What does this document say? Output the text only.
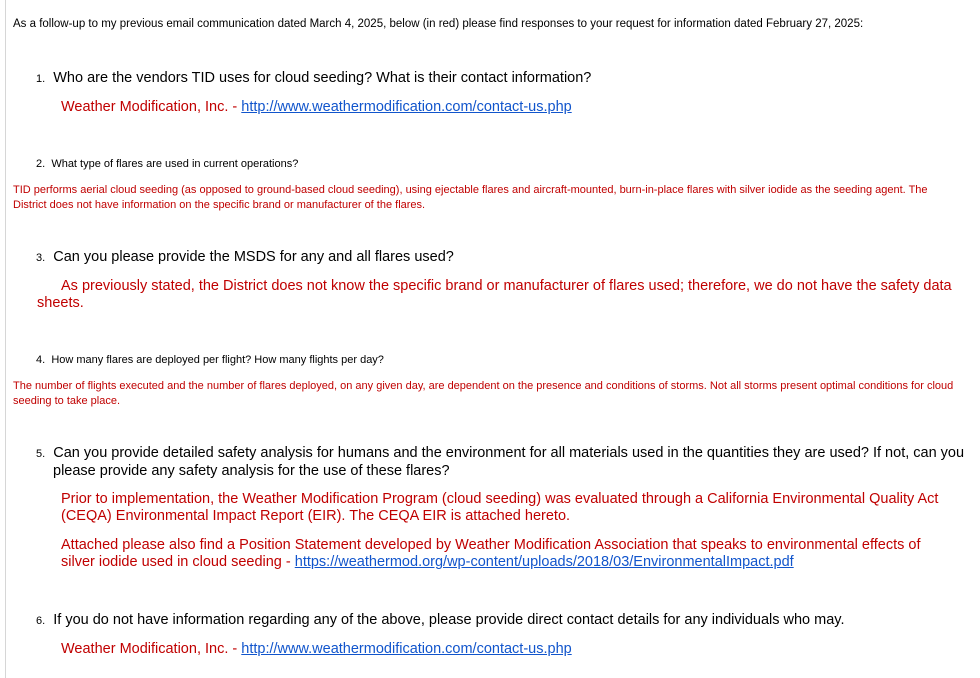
As a follow-up to my previous email communication dated March 4, 2025, below (in red) please find responses to your request for information dated February 27, 2025:

1. Who are the vendors TID uses for cloud seeding? What is their contact information?
Weather Modification, Inc. - http://www.weathermodification.com/contact-us.php
2. What type of flares are used in current operations?
TID performs aerial cloud seeding (as opposed to ground-based cloud seeding), using ejectable flares and aircraft-mounted, burn-in-place flares with silver iodide as the seeding agent. The District does not have information on the specific brand or manufacturer of the flares.
3. Can you please provide the MSDS for any and all flares used?
As previously stated, the District does not know the specific brand or manufacturer of flares used; therefore, we do not have the safety data sheets.
4. How many flares are deployed per flight? How many flights per day?
The number of flights executed and the number of flares deployed, on any given day, are dependent on the presence and conditions of storms. Not all storms present optimal conditions for cloud seeding to take place.
5. Can you provide detailed safety analysis for humans and the environment for all materials used in the quantities they are used? If not, can you please provide any safety analysis for the use of these flares?
Prior to implementation, the Weather Modification Program (cloud seeding) was evaluated through a California Environmental Quality Act (CEQA) Environmental Impact Report (EIR). The CEQA EIR is attached hereto.
Attached please also find a Position Statement developed by Weather Modification Association that speaks to environmental effects of silver iodide used in cloud seeding - https://weathermod.org/wp-content/uploads/2018/03/EnvironmentalImpact.pdf
6. If you do not have information regarding any of the above, please provide direct contact details for any individuals who may.
Weather Modification, Inc. - http://www.weathermodification.com/contact-us.php
